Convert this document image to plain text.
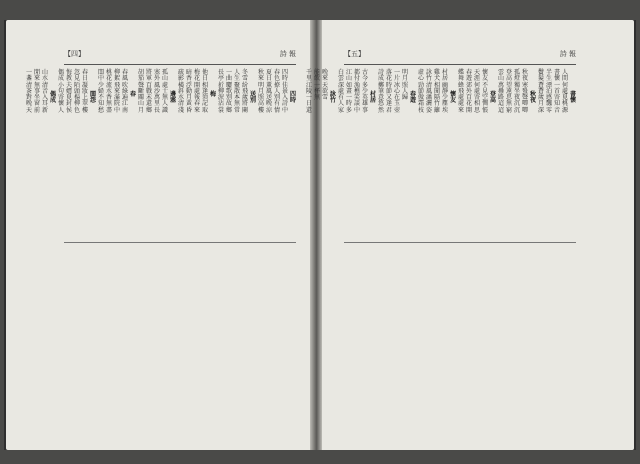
【四】	詩 報
四
時
四
時
佳
景
入
詩
中
春
色
撩
人
別
有
情
夏
日
薰
風
送
晚
涼
秋
來
明
月
照
高
樓
送
別
冬
雪
紛
飛
歲
將
闌
人
生
聚
散
本
無
常
一
曲
驪
歌
別
故
鄉
長
亭
折
柳
淚
沾
裳
梅
他
日
相
逢
須
記
取
梅
花
開
處
報
春
來
暗
香
浮
動
月
黃
昏
疏
影
橫
斜
水
清
淺
邊
塞
孤
山
處
士
無
人
識
塞
外
風
沙
萬
里
長
將
軍
百
戰
未
還
鄉
胡
笳
聲
斷
關
山
月
春
春
風
吹
綠
遍
江
南
柳
絮
飛
來
滿
院
中
桃
花
流
水
香
無
盡
閨
中
少
婦
不
知
愁
閨
怨
春
日
凝
妝
上
翠
樓
忽
見
陌
頭
楊
柳
色
悔
教
夫
婿
覓
封
侯
偶
成
小
句
寄
懷
人
偶
成
山
水
清
音
入
耳
新
閒
來
無
事
坐
窗
前
一
盞
清
茶
對
晚
天
【五】	詩 報
書
懷
人
間
何
處
覓
桃
源
書
懷
一
首
寄
知
音
半
生
漂
泊
感
飄
零
鬢
髮
蒼
蒼
歲
月
深
秋
夜
秋
夜
寒
蛩
聲
唧
唧
孤
燈
獨
坐
夜
沉
沉
登
高
望
遠
思
無
窮
雲
山
萬
疊
路
迢
迢
登
高
懷
友
不
見
空
惆
悵
天
涯
何
處
寄
相
思
春
遊
郊
外
百
花
開
蝶
舞
蜂
飛
處
處
來
懷
友
村
居
幽
靜
少
塵
埃
雞
犬
相
聞
隔
竹
籬
詠
竹
清
風
瀟
灑
姿
虛
心
勁
節
傲
霜
枝
春
遊
明
月
照
人
歸
一
片
冰
心
在
玉
壺
落
花
時
節
又
逢
君
詩
成
擲
筆
意
悠
然
村
居
古
今
多
少
英
雄
事
都
付
漁
樵
笑
談
中
江
山
如
畫
一
時
多
白
雲
深
處
有
人
家
詠
竹
晚
來
天
欲
雪
能
飲
一
杯
無
千
里
江
陵
一
日
還
